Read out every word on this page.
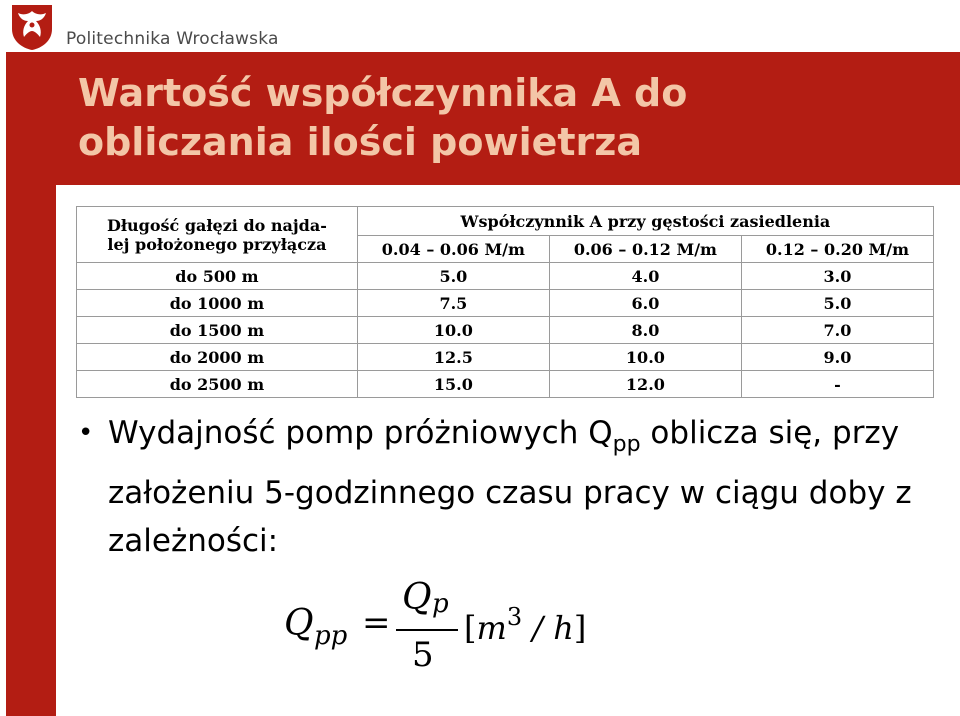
Politechnika Wrocławska
Wartość współczynnika A do
obliczania ilości powietrza
Długość gałęzi do najda-
lej położonego przyłącza	Współczynnik A przy gęstości zasiedlenia		
	0.04 – 0.06 M/m	0.06 – 0.12 M/m	0.12 – 0.20 M/m
do 500 m	5.0	4.0	3.0
do 1000 m	7.5	6.0	5.0
do 1500 m	10.0	8.0	7.0
do 2000 m	12.5	10.0	9.0
do 2500 m	15.0	12.0	-
• Wydajność pomp próżniowych $Q_{pp}$ oblicza się, przy założeniu 5-godzinnego czasu pracy w ciągu doby z zależności:
Q pp =
Q p
5
$[m^3 / h]$
